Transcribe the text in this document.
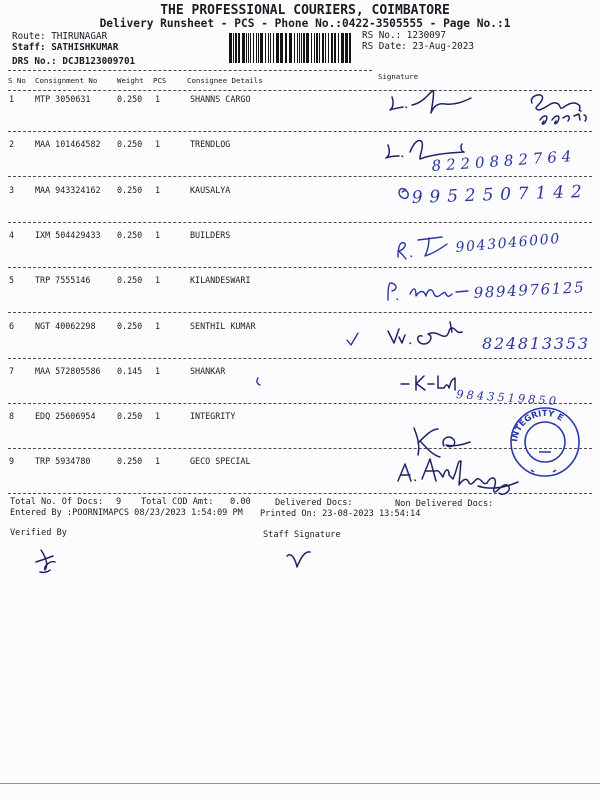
THE PROFESSIONAL COURIERS, COIMBATORE
Delivery Runsheet - PCS - Phone No.:0422-3505555 - Page No.:1
Route: THIRUNAGAR
Staff: SATHISHKUMAR
DRS No.: DCJB123009701
RS No.: 1230097
RS Date: 23-Aug-2023
Signature
S No Consignment No	Weight PCS	Consignee Details
1 MTP 3050631	0.250 1	SHANNS CARGO
2 MAA 101464582 0.250 1	TRENDLOG
3 MAA 943324162 0.250 1	KAUSALYA
4 IXM 504429433 0.250 1	BUILDERS
5 TRP 7555146	0.250 1	KILANDESWARI
6 NGT 40062298	0.250 1	SENTHIL KUMAR
7 MAA 572805586 0.145 1	SHANKAR
8 EDQ 25606954	0.250 1	INTEGRITY
9 TRP 5934780	0.250 1	GECO SPECIAL
Total No. Of Docs: 9 Total COD Amt: 0.00	Delivered Docs:	Non Delivered Docs:
Entered By :POORNIMAPCS 08/23/2023 1:54:09 PM Printed On: 23-08-2023 13:54:14
Verified By	Staff Signature
8220882764
9952507142
9043046000
9894976125
824813353
9843519850
INTEGRITY E
